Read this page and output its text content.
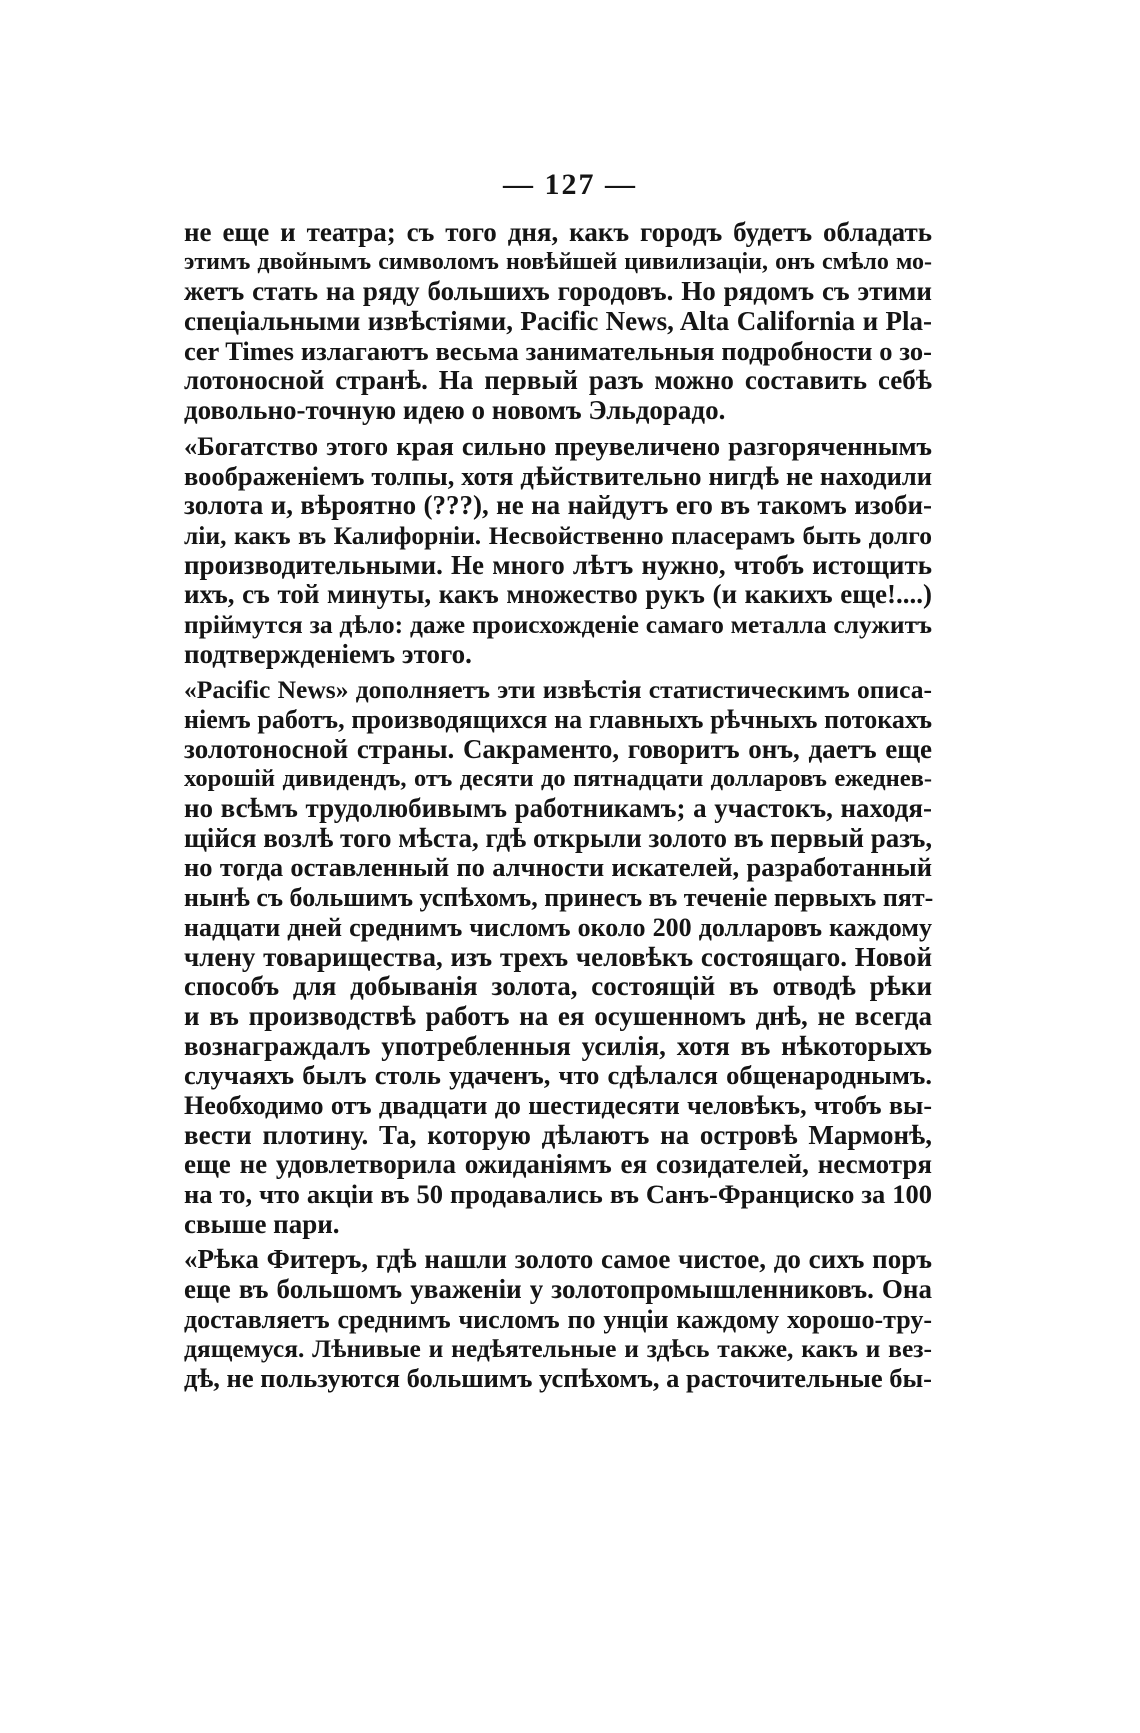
— 127 —
не еще и театра; съ того дня, какъ городъ будетъ обладать
этимъ двойнымъ символомъ новѣйшей цивилизаціи, онъ смѣло мо-
жетъ стать на ряду большихъ городовъ. Но рядомъ съ этими
спеціальными извѣстіями, Pacific News, Alta California и Pla-
cer Times излагаютъ весьма занимательныя подробности о зо-
лотоносной странѣ. На первый разъ можно составить себѣ
довольно-точную идею о новомъ Эльдорадо.
«Богатство этого края сильно преувеличено разгоряченнымъ
воображеніемъ толпы, хотя дѣйствительно нигдѣ не находили
золота и, вѣроятно (???), не на найдутъ его въ такомъ изоби-
ліи, какъ въ Калифорніи. Несвойственно пласерамъ быть долго
производительными. Не много лѣтъ нужно, чтобъ истощить
ихъ, съ той минуты, какъ множество рукъ (и какихъ еще!....)
пріймутся за дѣло: даже происхожденіе самаго металла служитъ
подтвержденіемъ этого.
«Pacific News» дополняетъ эти извѣстія статистическимъ описа-
ніемъ работъ, производящихся на главныхъ рѣчныхъ потокахъ
золотоносной страны. Сакраменто, говоритъ онъ, даетъ еще
хорошій дивидендъ, отъ десяти до пятнадцати долларовъ ежеднев-
но всѣмъ трудолюбивымъ работникамъ; а участокъ, находя-
щійся возлѣ того мѣста, гдѣ открыли золото въ первый разъ,
но тогда оставленный по алчности искателей, разработанный
нынѣ съ большимъ успѣхомъ, принесъ въ теченіе первыхъ пят-
надцати дней среднимъ числомъ около 200 долларовъ каждому
члену товарищества, изъ трехъ человѣкъ состоящаго. Новой
способъ для добыванія золота, состоящій въ отводѣ рѣки
и въ производствѣ работъ на ея осушенномъ днѣ, не всегда
вознаграждалъ употребленныя усилія, хотя въ нѣкоторыхъ
случаяхъ былъ столь удаченъ, что сдѣлался общенароднымъ.
Необходимо отъ двадцати до шестидесяти человѣкъ, чтобъ вы-
вести плотину. Та, которую дѣлаютъ на островѣ Мармонѣ,
еще не удовлетворила ожиданіямъ ея созидателей, несмотря
на то, что акціи въ 50 продавались въ Санъ-Франциско за 100
свыше пари.
«Рѣка Фитеръ, гдѣ нашли золото самое чистое, до сихъ поръ
еще въ большомъ уваженіи у золотопромышленниковъ. Она
доставляетъ среднимъ числомъ по унціи каждому хорошо-тру-
дящемуся. Лѣнивые и недѣятельные и здѣсь также, какъ и вез-
дѣ, не пользуются большимъ успѣхомъ, а расточительные бы-
